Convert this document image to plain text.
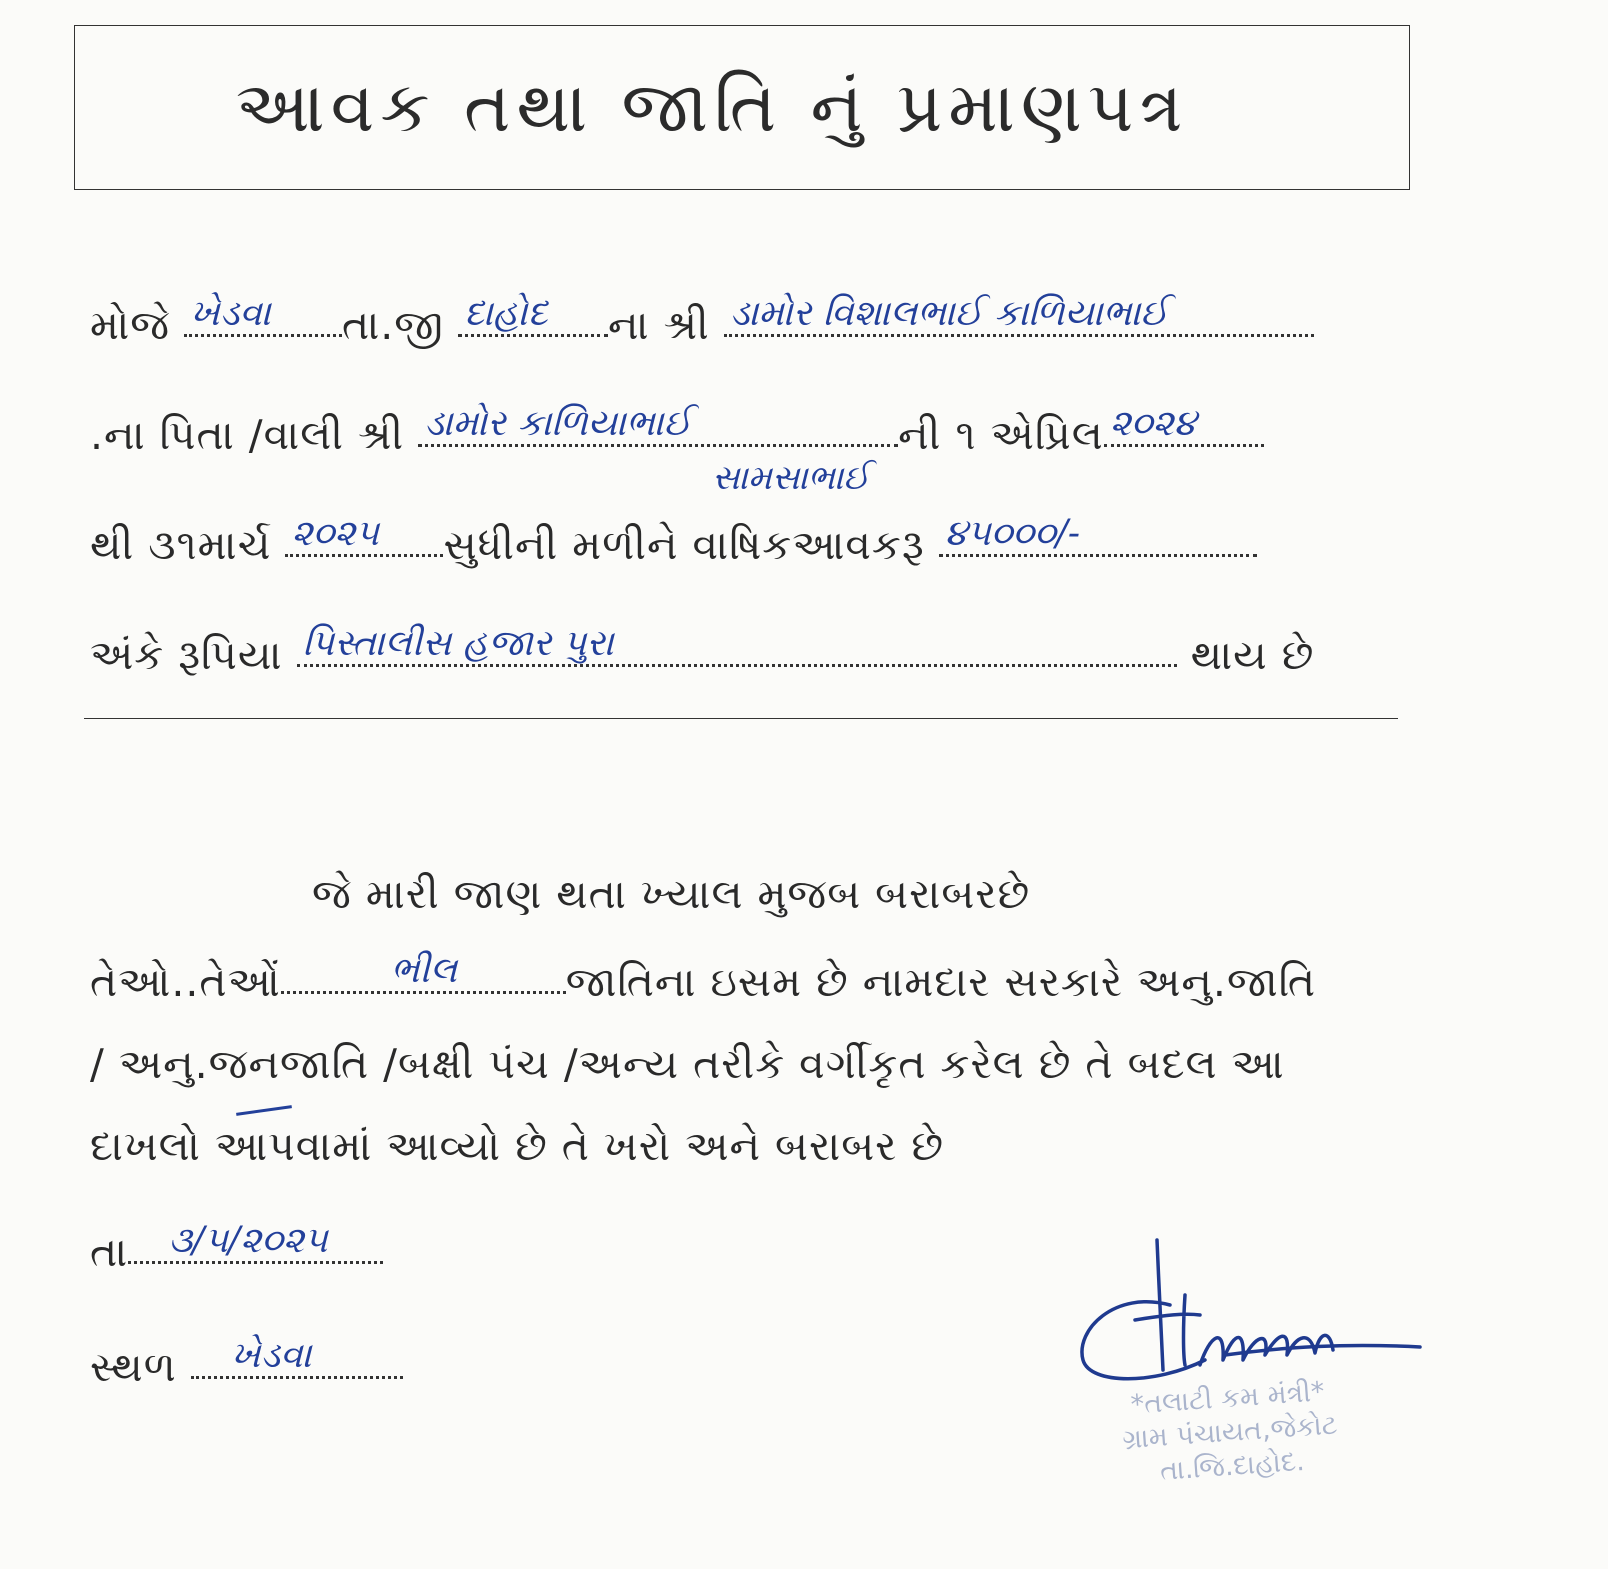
આવક તથા જાતિ નું પ્રમાણપત્ર
મોજે ખેડવા તા.જી દાહોદ ના શ્રી ડામોર વિશાલભાઈ કાળિયાભાઈ
.ના પિતા /વાલી શ્રી ડામોર કાળિયાભાઈ	ની ૧ એપ્રિલ ૨૦૨૪
સામસાભાઈ
થી ૩૧માર્ચ ૨૦૨૫ સુધીની મળીને વાષિકઆવકરૂ ૪૫૦૦૦/-
અંકે રૂપિયા પિસ્તાલીસ હજાર પુરા	થાય છે
જે મારી જાણ થતા ખ્યાલ મુજબ બરાબરછે
તેઓ..તેઓં	ભીલ	જાતિના ઇસમ છે નામદાર સરકારે અનુ.જાતિ
/ અનુ.જનજાતિ /બક્ષી પંચ /અન્ય તરીકે વર્ગીકૃત કરેલ છે તે બદલ આ
દાખલો આપવામાં આવ્યો છે તે ખરો અને બરાબર છે
તા ૩/૫/૨૦૨૫
સ્થળ ખેડવા
*તલાટી કમ મંત્રી*
ગ્રામ પંચાયત,જેકોટ
તા.જિ.દાહોદ.
